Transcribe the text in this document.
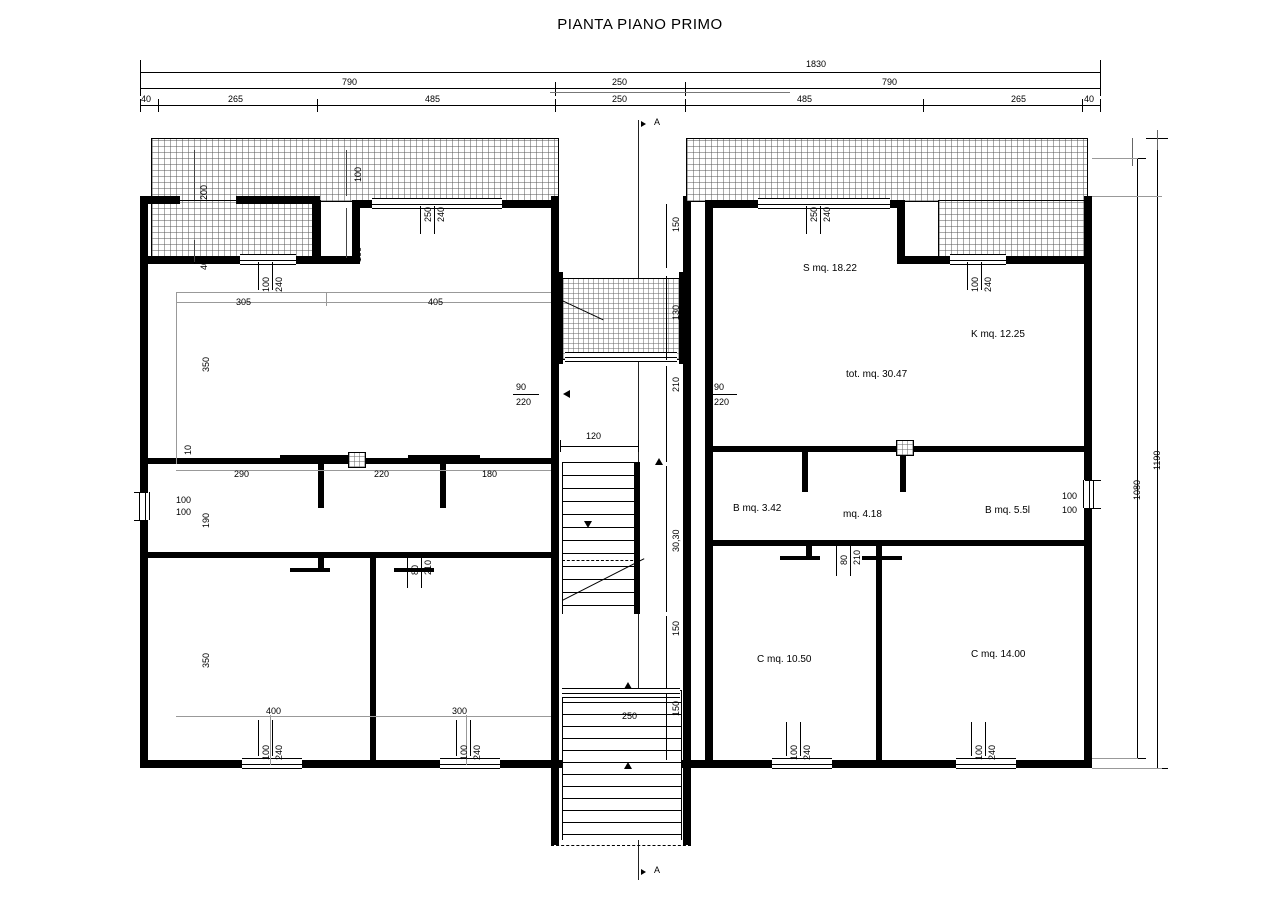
PIANTA PIANO PRIMO
1830
790	250	790
40	265	485	250	485	265	40
A
A
1190
1080
350
305	405
290	220	180
350
400	300
10
200
40
100
100
100 240
250 240
100
100
190
80 210
100 240	100 240
90
220
90
220
120
150
130
210
30,30
150
150
250
S mq. 18.22
K mq. 12.25
tot. mq. 30.47
B mq. 3.42
mq. 4.18	B mq. 5.5l
C mq. 10.50	C mq. 14.00
250 240
100 240
100
100
80 210
100 240	100 240
